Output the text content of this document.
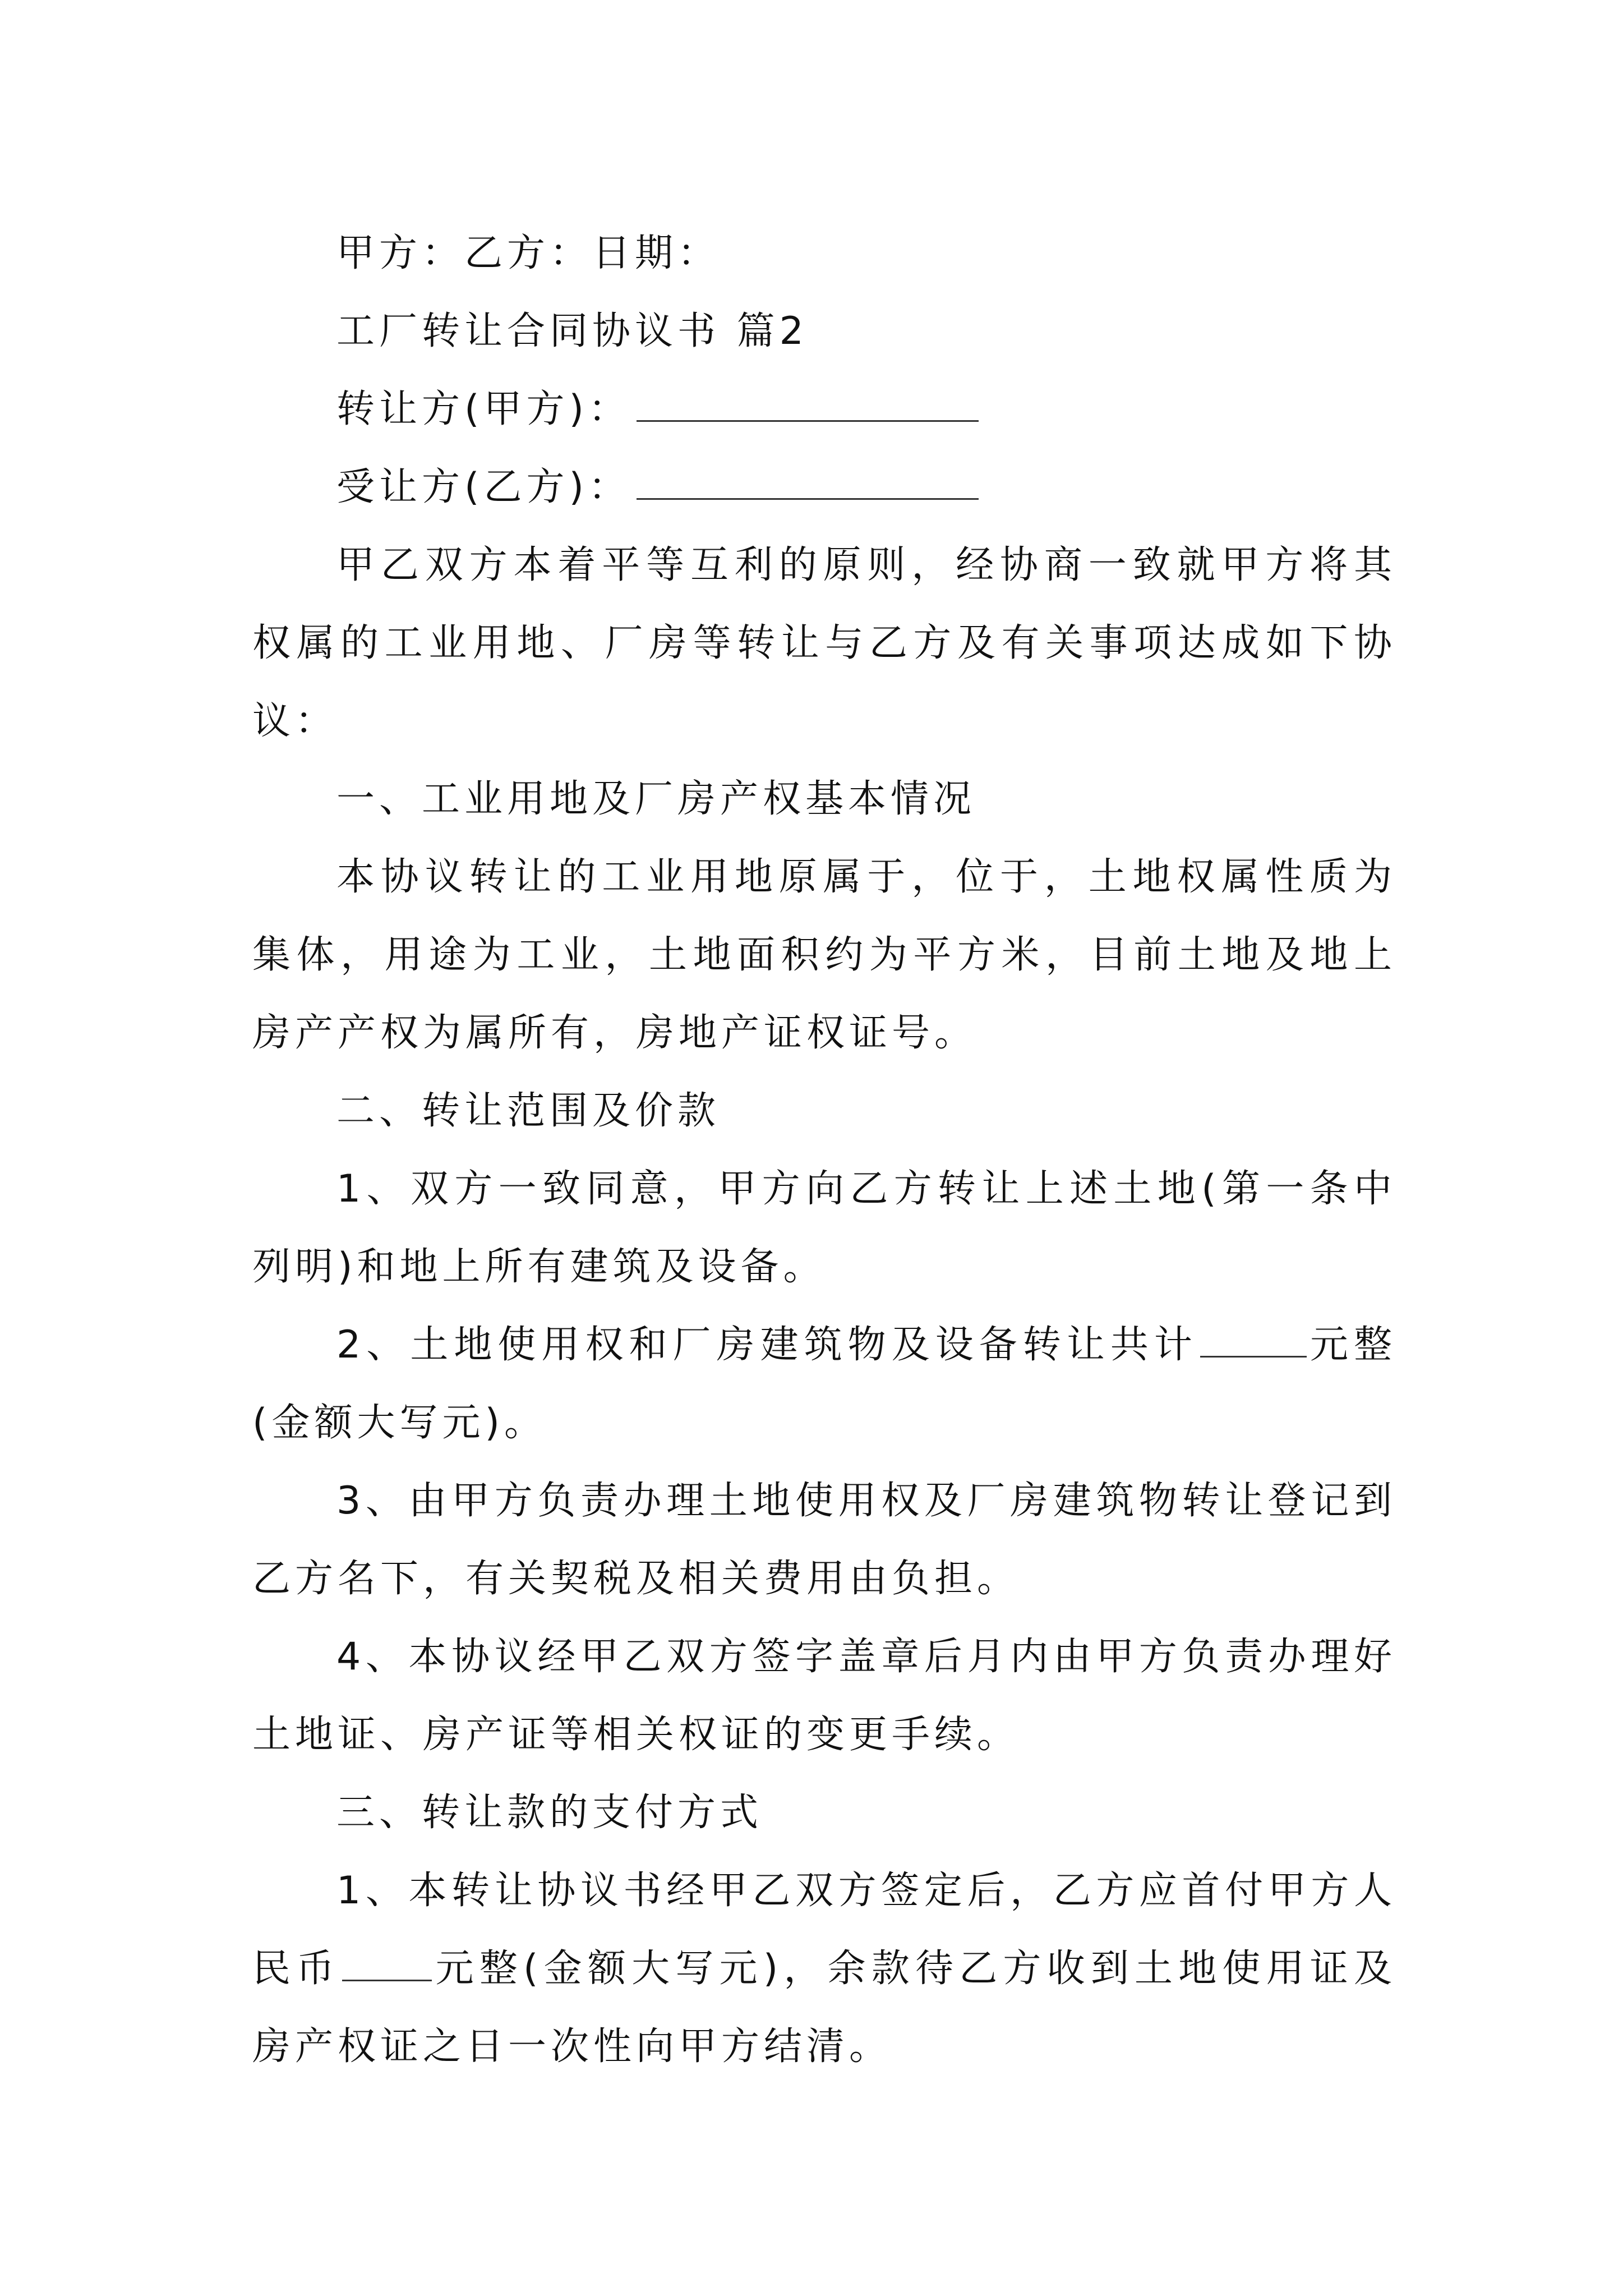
甲方：乙方：日期：

工厂转让合同协议书 篇2

转让方(甲方)：

受让方(乙方)：

甲乙双方本着平等互利的原则，经协商一致就甲方将其权属的工业用地、厂房等转让与乙方及有关事项达成如下协议：

一、工业用地及厂房产权基本情况

本协议转让的工业用地原属于，位于，土地权属性质为集体，用途为工业，土地面积约为平方米，目前土地及地上房产产权为属所有，房地产证权证号。

二、转让范围及价款

1、双方一致同意，甲方向乙方转让上述土地(第一条中列明)和地上所有建筑及设备。

2、土地使用权和厂房建筑物及设备转让共计	元整(金额大写元)。

3、由甲方负责办理土地使用权及厂房建筑物转让登记到乙方名下，有关契税及相关费用由负担。

4、本协议经甲乙双方签字盖章后月内由甲方负责办理好土地证、房产证等相关权证的变更手续。

三、转让款的支付方式

1、本转让协议书经甲乙双方签定后，乙方应首付甲方人民币 元整(金额大写元)，余款待乙方收到土地使用证及房产权证之日一次性向甲方结清。
